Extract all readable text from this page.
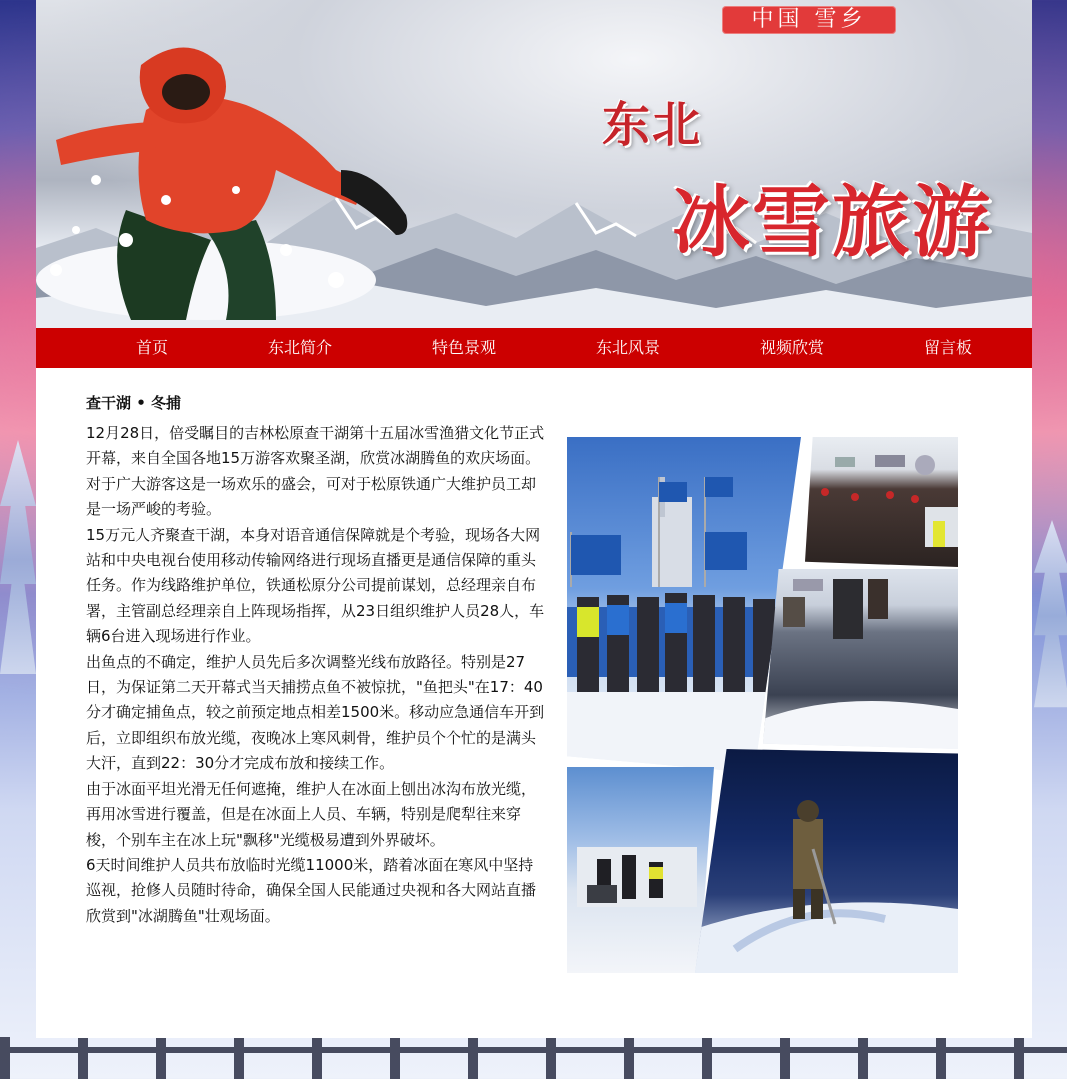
中国 雪乡
东北
冰雪旅游
首页	东北简介	特色景观	东北风景	视频欣赏	留言板
查干湖 • 冬捕

12月28日，倍受瞩目的吉林松原查干湖第十五届冰雪渔猎文化节正式开幕，来自全国各地15万游客欢聚圣湖，欣赏冰湖腾鱼的欢庆场面。对于广大游客这是一场欢乐的盛会，可对于松原铁通广大维护员工却是一场严峻的考验。

15万元人齐聚查干湖，本身对语音通信保障就是个考验，现场各大网站和中央电视台使用移动传输网络进行现场直播更是通信保障的重头任务。作为线路维护单位，铁通松原分公司提前谋划，总经理亲自布署，主管副总经理亲自上阵现场指挥，从23日组织维护人员28人，车辆6台进入现场进行作业。

出鱼点的不确定，维护人员先后多次调整光线布放路径。特别是27日，为保证第二天开幕式当天捕捞点鱼不被惊扰，"鱼把头"在17：40分才确定捕鱼点，较之前预定地点相差1500米。移动应急通信车开到后，立即组织布放光缆，夜晚冰上寒风刺骨，维护员个个忙的是满头大汗，直到22：30分才完成布放和接续工作。

由于冰面平坦光滑无任何遮掩，维护人在冰面上刨出冰沟布放光缆，再用冰雪进行覆盖，但是在冰面上人员、车辆，特别是爬犁往来穿梭，个别车主在冰上玩"飘移"光缆极易遭到外界破坏。

6天时间维护人员共布放临时光缆11000米，踏着冰面在寒风中坚持巡视，抢修人员随时待命，确保全国人民能通过央视和各大网站直播欣赏到"冰湖腾鱼"壮观场面。
